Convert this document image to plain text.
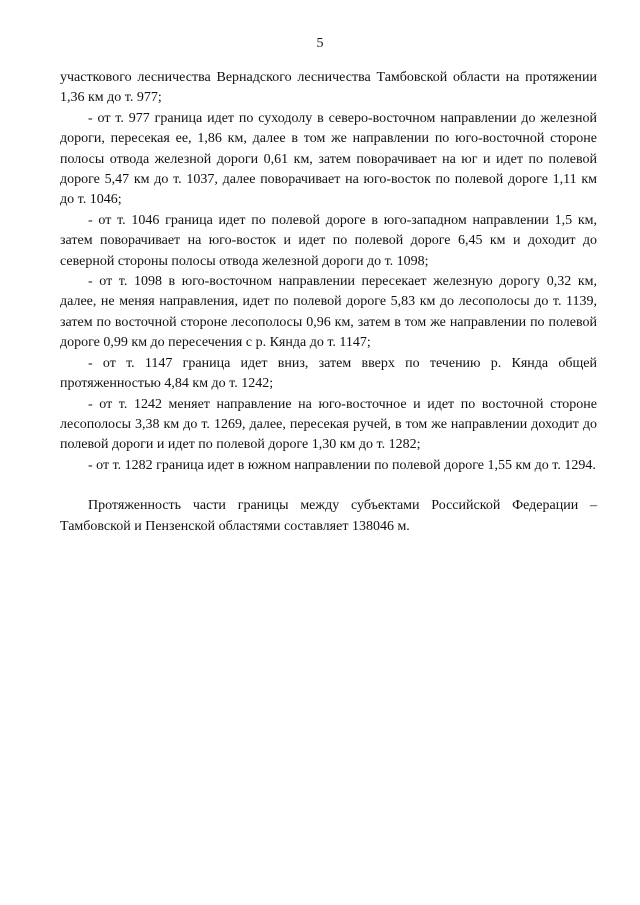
5

участкового лесничества Вернадского лесничества Тамбовской области на протяжении 1,36 км до т. 977;

- от т. 977 граница идет по суходолу в северо-восточном направлении до железной дороги, пересекая ее, 1,86 км, далее в том же направлении по юго-восточной стороне полосы отвода железной дороги 0,61 км, затем поворачивает на юг и идет по полевой дороге 5,47 км до т. 1037, далее поворачивает на юго-восток по полевой дороге 1,11 км до т. 1046;

- от т. 1046 граница идет по полевой дороге в юго-западном направлении 1,5 км, затем поворачивает на юго-восток и идет по полевой дороге 6,45 км и доходит до северной стороны полосы отвода железной дороги до т. 1098;

- от т. 1098 в юго-восточном направлении пересекает железную дорогу 0,32 км, далее, не меняя направления, идет по полевой дороге 5,83 км до лесополосы до т. 1139, затем по восточной стороне лесополосы 0,96 км, затем в том же направлении по полевой дороге 0,99 км до пересечения с р. Кянда до т. 1147;

- от т. 1147 граница идет вниз, затем вверх по течению р. Кянда общей протяженностью 4,84 км до т. 1242;

- от т. 1242 меняет направление на юго-восточное и идет по восточной стороне лесополосы 3,38 км до т. 1269, далее, пересекая ручей, в том же направлении доходит до полевой дороги и идет по полевой дороге 1,30 км до т. 1282;

- от т. 1282 граница идет в южном направлении по полевой дороге 1,55 км до т. 1294.

Протяженность части границы между субъектами Российской Федерации – Тамбовской и Пензенской областями составляет 138046 м.
